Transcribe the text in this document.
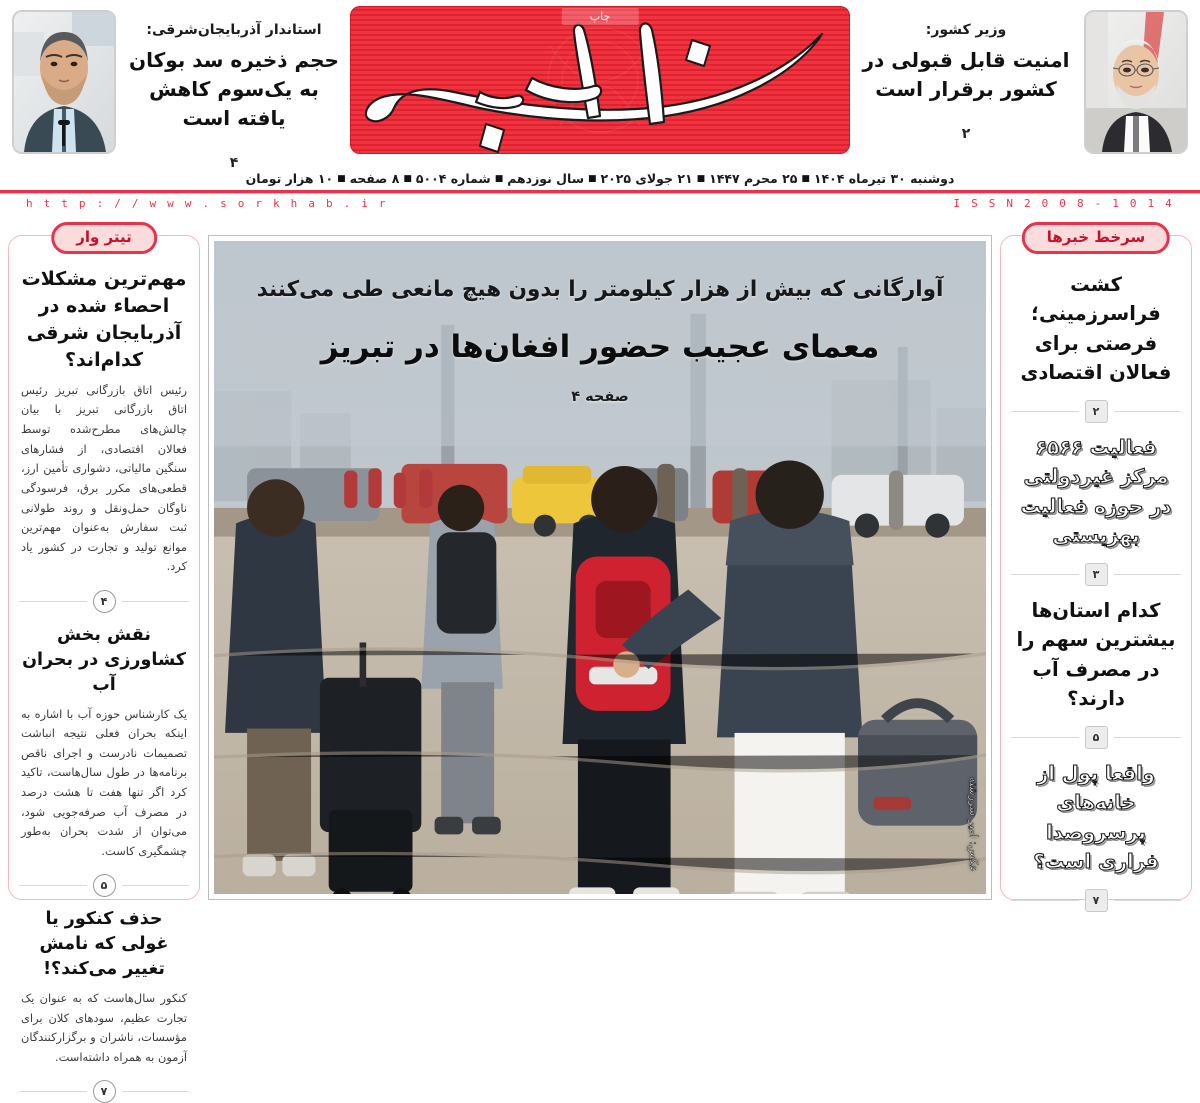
وزیر کشور:
امنیت قابل قبولی در کشور برقرار است
۲
چاپ
استاندار آذربایجان‌شرقی:
حجم ذخیره سد بوکان به یک‌سوم کاهش یافته است
۴
دوشنبه ۳۰ تیرماه ۱۴۰۴■۲۵ محرم ۱۴۴۷■۲۱ جولای ۲۰۲۵■سال نوزدهم■شماره ۵۰۰۴■۸ صفحه■۱۰ هزار تومان
h t t p : / / w w w . s o r k h a b . i r	I S S N 2 0 0 8 - 1 0 1 4
سرخط خبرها
کشت فراسرزمینی؛ فرصتی برای فعالان اقتصادی
۲
فعالیت ۶۵۶۶ مرکز غیردولتی در حوزه فعالیت بهزیستی
۳
کدام استان‌ها بیشترین سهم را در مصرف آب دارند؟
۵
واقعا پول از خانه‌های پرسروصدا فراری است؟
۷
آوارگانی که بیش از هزار کیلومتر را بدون هیچ مانعی طی می‌کنند
معمای عجیب حضور افغان‌ها در تبریز
صفحه ۴
عکس: امیر سررشته
تیتر وار
مهم‌ترین مشکلات احصاء شده در آذربایجان شرقی کدام‌اند؟

رئیس اتاق بازرگانی تبریز رئیس اتاق بازرگانی تبریز با بیان چالش‌های مطرح‌شده توسط فعالان اقتصادی، از فشارهای سنگین مالیاتی، دشواری تأمین ارز، قطعی‌های مکرر برق، فرسودگی ناوگان حمل‌ونقل و روند طولانی ثبت سفارش به‌عنوان مهم‌ترین موانع تولید و تجارت در کشور یاد کرد.

۴
نقش بخش کشاورزی در بحران آب

یک کارشناس حوزه آب با اشاره به اینکه بحران فعلی نتیجه انباشت تصمیمات نادرست و اجرای ناقص برنامه‌ها در طول سال‌هاست، تاکید کرد اگر تنها هفت تا هشت درصد در مصرف آب صرفه‌جویی شود، می‌توان از شدت بحران به‌طور چشمگیری کاست.

۵
حذف کنکور یا غولی که نامش تغییر می‌کند؟!

کنکور سال‌هاست که به عنوان یک تجارت عظیم، سودهای کلان برای مؤسسات، ناشران و برگزارکنندگان آزمون به همراه داشته‌است.

۷
